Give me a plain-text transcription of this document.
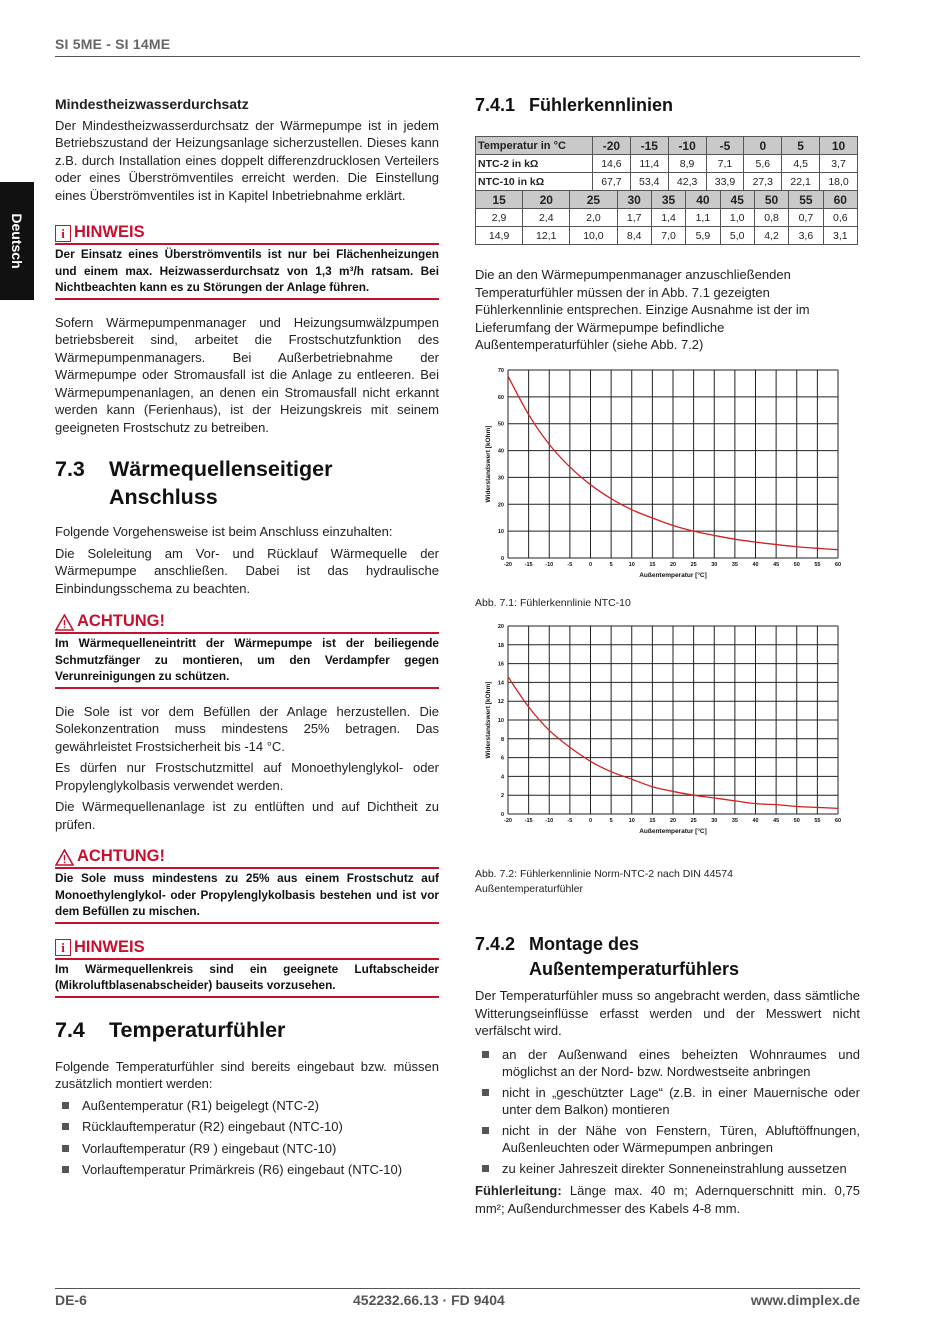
SI 5ME - SI 14ME
Deutsch
Mindestheizwasserdurchsatz

Der Mindestheizwasserdurchsatz der Wärmepumpe ist in jedem Betriebszustand der Heizungsanlage sicherzustellen. Dieses kann z.B. durch Installation eines doppelt differenzdrucklosen Verteilers oder eines Überströmventiles erreicht werden. Die Einstellung eines Überströmventiles ist in Kapitel Inbetriebnahme erklärt.

i HINWEIS
Der Einsatz eines Überströmventils ist nur bei Flächenheizungen und einem max. Heizwasserdurchsatz von 1,3 m³/h ratsam. Bei Nichtbeachten kann es zu Störungen der Anlage führen.

Sofern Wärmepumpenmanager und Heizungsumwälzpumpen betriebsbereit sind, arbeitet die Frostschutzfunktion des Wärmepumpenmanagers. Bei Außerbetriebnahme der Wärmepumpe oder Stromausfall ist die Anlage zu entleeren. Bei Wärmepumpenanlagen, an denen ein Stromausfall nicht erkannt werden kann (Ferienhaus), ist der Heizungskreis mit seinem geeigneten Frostschutz zu betreiben.

7.3 Wärmequellenseitiger
Anschluss

Folgende Vorgehensweise ist beim Anschluss einzuhalten:

Die Soleleitung am Vor- und Rücklauf Wärmequelle der Wärmepumpe anschließen. Dabei ist das hydraulische Einbindungsschema zu beachten.

ACHTUNG!
Im Wärmequelleneintritt der Wärmepumpe ist der beiliegende Schmutzfänger zu montieren, um den Verdampfer gegen Verunreinigungen zu schützen.

Die Sole ist vor dem Befüllen der Anlage herzustellen. Die Solekonzentration muss mindestens 25% betragen. Das gewährleistet Frostsicherheit bis -14 °C.

Es dürfen nur Frostschutzmittel auf Monoethylenglykol- oder Propylenglykolbasis verwendet werden.

Die Wärmequellenanlage ist zu entlüften und auf Dichtheit zu prüfen.

ACHTUNG!
Die Sole muss mindestens zu 25% aus einem Frostschutz auf Monoethylenglykol- oder Propylenglykolbasis bestehen und ist vor dem Befüllen zu mischen.
i HINWEIS
Im Wärmequellenkreis sind ein geeignete Luftabscheider (Mikroluftblasenabscheider) bauseits vorzusehen.
7.4 Temperaturfühler

Folgende Temperaturfühler sind bereits eingebaut bzw. müssen zusätzlich montiert werden:

Außentemperatur (R1) beigelegt (NTC-2)
Rücklauftemperatur (R2) eingebaut (NTC-10)
Vorlauftemperatur (R9 ) eingebaut (NTC-10)
Vorlauftemperatur Primärkreis (R6) eingebaut (NTC-10)
7.4.1 Fühlerkennlinien
Temperatur in °C	-20	-15	-10	-5	0	5	10
NTC-2 in kΩ	14,6	11,4	8,9	7,1	5,6	4,5	3,7
NTC-10 in kΩ	67,7	53,4	42,3	33,9	27,3	22,1	18,0
15	20	25	30	35	40	45	50	55	60
2,9	2,4	2,0	1,7	1,4	1,1	1,0	0,8	0,7	0,6
14,9	12,1	10,0	8,4	7,0	5,9	5,0	4,2	3,6	3,1

Die an den Wärmepumpenmanager anzuschließenden Temperaturfühler müssen der in Abb. 7.1 gezeigten Fühlerkennlinie entsprechen. Einzige Ausnahme ist der im Lieferumfang der Wärmepumpe befindliche Außentemperaturfühler (siehe Abb. 7.2)

-20 -15 -10	-5	0	5	10	15	20	25	30	35	40	45	50	55	60
0
10
20
30
40
50
60
70
Außentemperatur [°C]
Widerstandswert [kOhm]
Abb. 7.1: Fühlerkennlinie NTC-10
-20 -15 -10	-5	0	5	10	15	20	25	30	35	40	45	50	55	60
0
2
4
6
8
10
12
14
16
18
20
Außentemperatur [°C]
Widerstandswert [kOhm]
Abb. 7.2: Fühlerkennlinie Norm-NTC-2 nach DIN 44574
Außentemperaturfühler
7.4.2 Montage des
Außentemperaturfühlers

Der Temperaturfühler muss so angebracht werden, dass sämtliche Witterungseinflüsse erfasst werden und der Messwert nicht verfälscht wird.

an der Außenwand eines beheizten Wohnraumes und möglichst an der Nord- bzw. Nordwestseite anbringen
nicht in „geschützter Lage“ (z.B. in einer Mauernische oder unter dem Balkon) montieren
nicht in der Nähe von Fenstern, Türen, Abluftöffnungen, Außenleuchten oder Wärmepumpen anbringen
zu keiner Jahreszeit direkter Sonneneinstrahlung aussetzen

Fühlerleitung: Länge max. 40 m; Adernquerschnitt min. 0,75 mm²; Außendurchmesser des Kabels 4-8 mm.

DE-6	452232.66.13 · FD 9404	www.dimplex.de
